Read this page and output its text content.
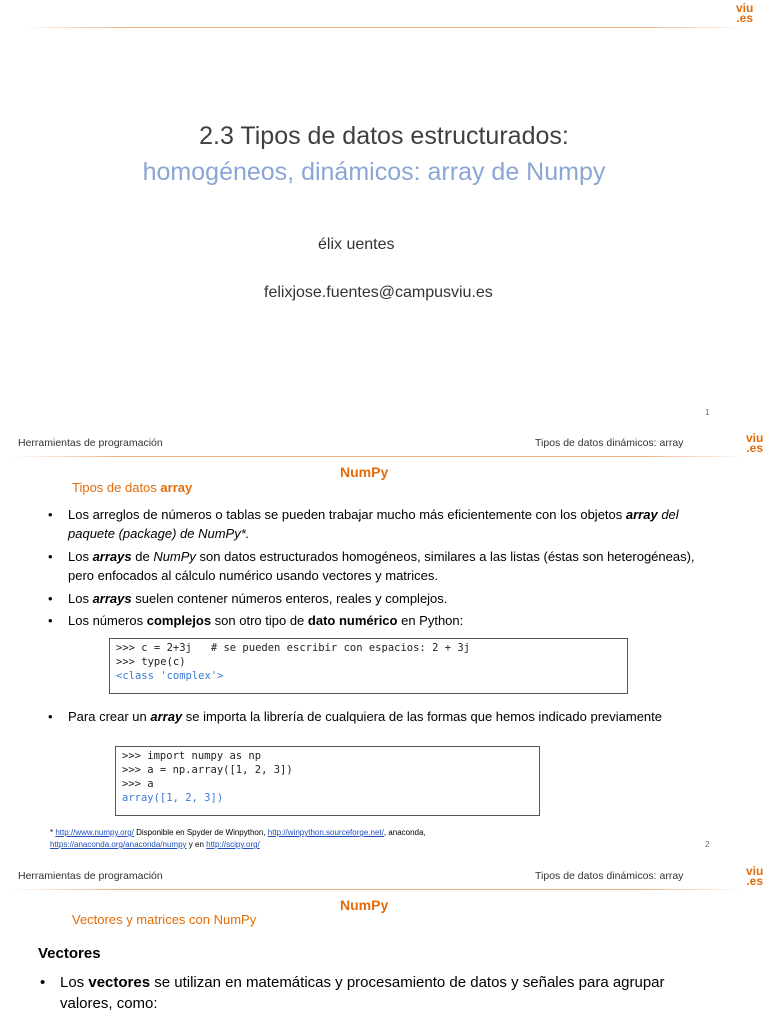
viu
.es
2.3 Tipos de datos estructurados:
homogéneos, dinámicos: array de Numpy
élix uentes
felixjose.fuentes@campusviu.es
1
Herramientas de programación	Tipos de datos dinámicos: array	viu
.es
NumPy
Tipos de datos array
• Los arreglos de números o tablas se pueden trabajar mucho más eficientemente con los objetos array del paquete (package) de NumPy*.
• Los arrays de NumPy son datos estructurados homogéneos, similares a las listas (éstas son heterogéneas), pero enfocados al cálculo numérico usando vectores y matrices.
• Los arrays suelen contener números enteros, reales y complejos.
• Los números complejos son otro tipo de dato numérico en Python:
>>> c = 2+3j   # se pueden escribir con espacios: 2 + 3j
>>> type(c)
<class 'complex'>
• Para crear un array se importa la librería de cualquiera de las formas que hemos indicado previamente
>>> import numpy as np
>>> a = np.array([1, 2, 3])
>>> a
array([1, 2, 3])
* http://www.numpy.org/ Disponible en Spyder de Winpython, http://winpython.sourceforge.net/, anaconda,
https://anaconda.org/anaconda/numpy y en http://scipy.org/	2
Herramientas de programación	Tipos de datos dinámicos: array	viu
.es
NumPy
Vectores y matrices con NumPy
Vectores
• Los vectores se utilizan en matemáticas y procesamiento de datos y señales para agrupar valores, como:
